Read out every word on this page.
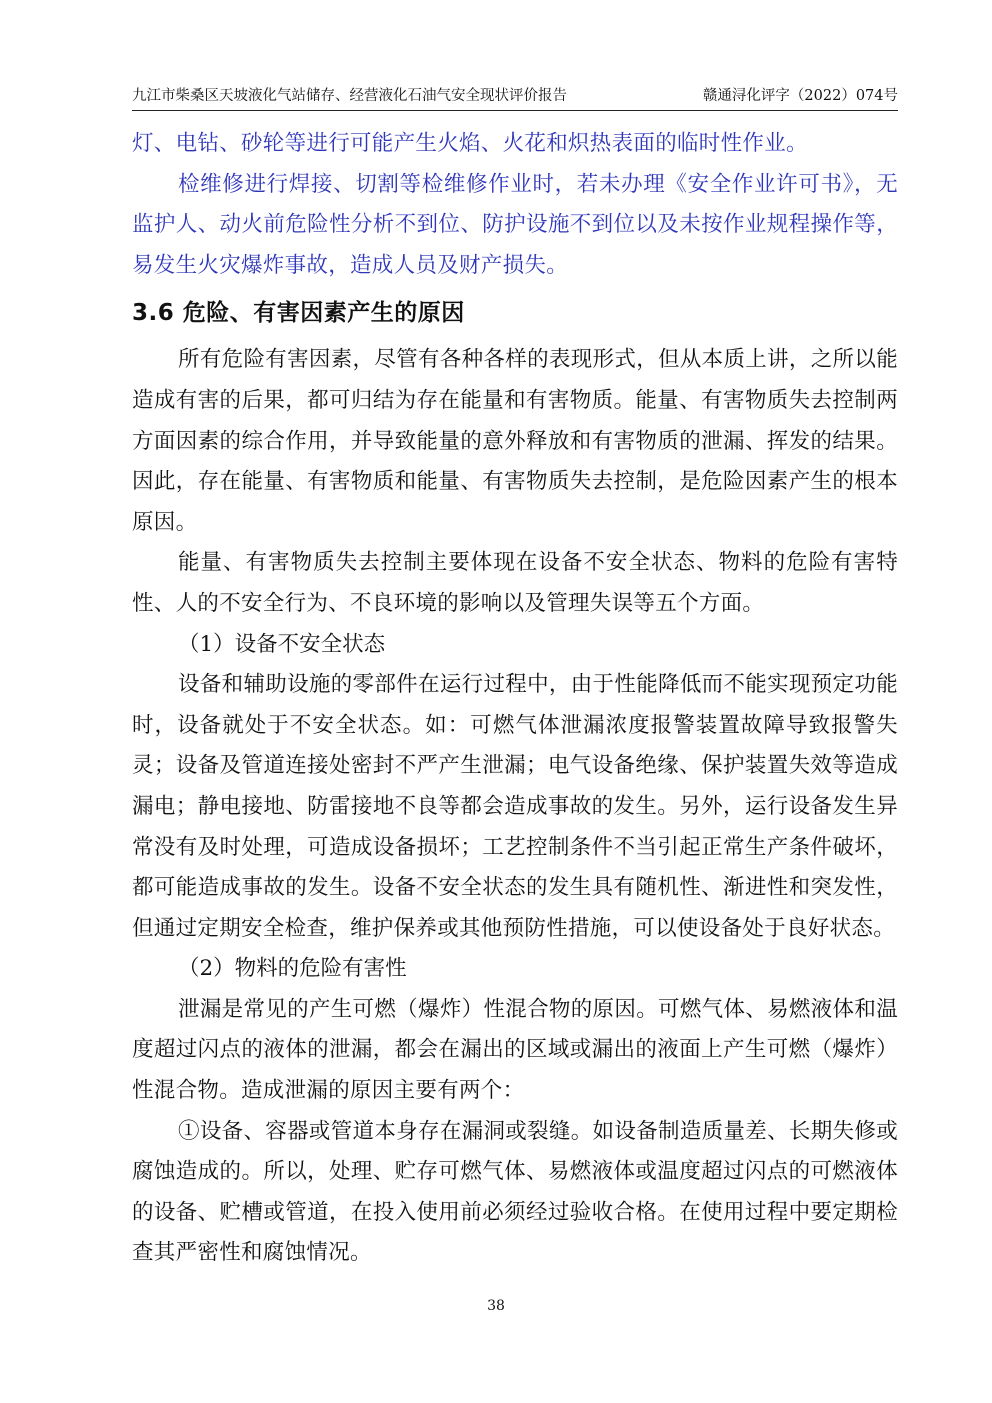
九江市柴桑区天坡液化气站储存、经营液化石油气安全现状评价报告	赣通浔化评字（2022）074号

灯、电钻、砂轮等进行可能产生火焰、火花和炽热表面的临时性作业。

检维修进行焊接、切割等检维修作业时，若未办理《安全作业许可书》，无监护人、动火前危险性分析不到位、防护设施不到位以及未按作业规程操作等，易发生火灾爆炸事故，造成人员及财产损失。

3.6 危险、有害因素产生的原因

所有危险有害因素，尽管有各种各样的表现形式，但从本质上讲，之所以能造成有害的后果，都可归结为存在能量和有害物质。能量、有害物质失去控制两方面因素的综合作用，并导致能量的意外释放和有害物质的泄漏、挥发的结果。因此，存在能量、有害物质和能量、有害物质失去控制，是危险因素产生的根本原因。

能量、有害物质失去控制主要体现在设备不安全状态、物料的危险有害特性、人的不安全行为、不良环境的影响以及管理失误等五个方面。

（1）设备不安全状态

设备和辅助设施的零部件在运行过程中，由于性能降低而不能实现预定功能时，设备就处于不安全状态。如：可燃气体泄漏浓度报警装置故障导致报警失灵；设备及管道连接处密封不严产生泄漏；电气设备绝缘、保护装置失效等造成漏电；静电接地、防雷接地不良等都会造成事故的发生。另外，运行设备发生异常没有及时处理，可造成设备损坏；工艺控制条件不当引起正常生产条件破坏，都可能造成事故的发生。设备不安全状态的发生具有随机性、渐进性和突发性，但通过定期安全检查，维护保养或其他预防性措施，可以使设备处于良好状态。

（2）物料的危险有害性

泄漏是常见的产生可燃（爆炸）性混合物的原因。可燃气体、易燃液体和温度超过闪点的液体的泄漏，都会在漏出的区域或漏出的液面上产生可燃（爆炸）性混合物。造成泄漏的原因主要有两个：

①设备、容器或管道本身存在漏洞或裂缝。如设备制造质量差、长期失修或腐蚀造成的。所以，处理、贮存可燃气体、易燃液体或温度超过闪点的可燃液体的设备、贮槽或管道，在投入使用前必须经过验收合格。在使用过程中要定期检查其严密性和腐蚀情况。

38
